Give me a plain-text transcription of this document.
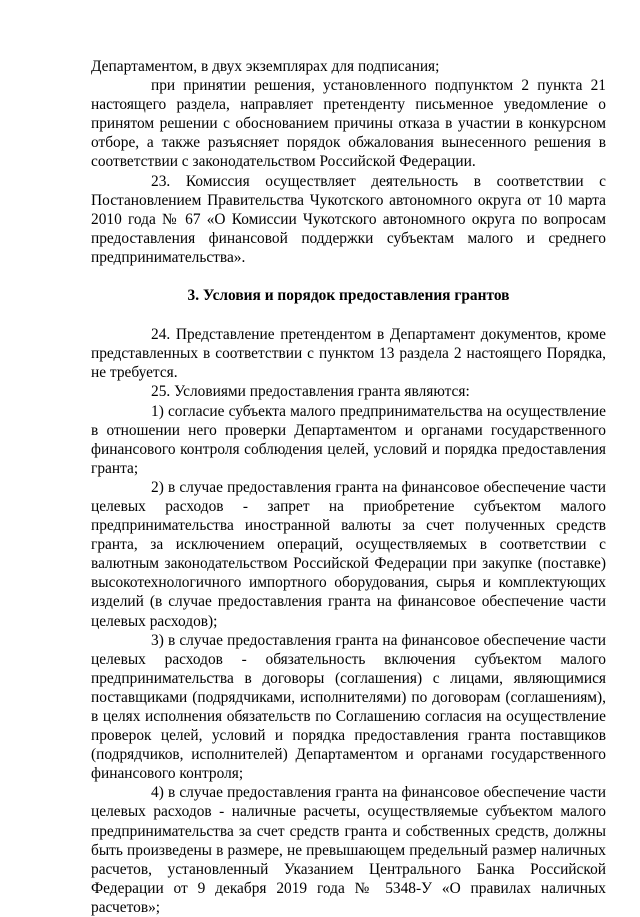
Департаментом, в двух экземплярах для подписания;

при принятии решения, установленного подпунктом 2 пункта 21 настоящего раздела, направляет претенденту письменное уведомление о принятом решении с обоснованием причины отказа в участии в конкурсном отборе, а также разъясняет порядок обжалования вынесенного решения в соответствии с законодательством Российской Федерации.

23. Комиссия осуществляет деятельность в соответствии с Постановлением Правительства Чукотского автономного округа от 10 марта 2010 года № 67 «О Комиссии Чукотского автономного округа по вопросам предоставления финансовой поддержки субъектам малого и среднего предпринимательства».

3. Условия и порядок предоставления грантов

24. Представление претендентом в Департамент документов, кроме представленных в соответствии с пунктом 13 раздела 2 настоящего Порядка, не требуется.

25. Условиями предоставления гранта являются:

1) согласие субъекта малого предпринимательства на осуществление в отношении него проверки Департаментом и органами государственного финансового контроля соблюдения целей, условий и порядка предоставления гранта;

2) в случае предоставления гранта на финансовое обеспечение части целевых расходов - запрет на приобретение субъектом малого предпринимательства иностранной валюты за счет полученных средств гранта, за исключением операций, осуществляемых в соответствии с валютным законодательством Российской Федерации при закупке (поставке) высокотехнологичного импортного оборудования, сырья и комплектующих изделий (в случае предоставления гранта на финансовое обеспечение части целевых расходов);

3) в случае предоставления гранта на финансовое обеспечение части целевых расходов - обязательность включения субъектом малого предпринимательства в договоры (соглашения) с лицами, являющимися поставщиками (подрядчиками, исполнителями) по договорам (соглашениям), в целях исполнения обязательств по Соглашению согласия на осуществление проверок целей, условий и порядка предоставления гранта поставщиков (подрядчиков, исполнителей) Департаментом и органами государственного финансового контроля;

4) в случае предоставления гранта на финансовое обеспечение части целевых расходов - наличные расчеты, осуществляемые субъектом малого предпринимательства за счет средств гранта и собственных средств, должны быть произведены в размере, не превышающем предельный размер наличных расчетов, установленный Указанием Центрального Банка Российской Федерации от 9 декабря 2019 года № 5348-У «О правилах наличных расчетов»;
